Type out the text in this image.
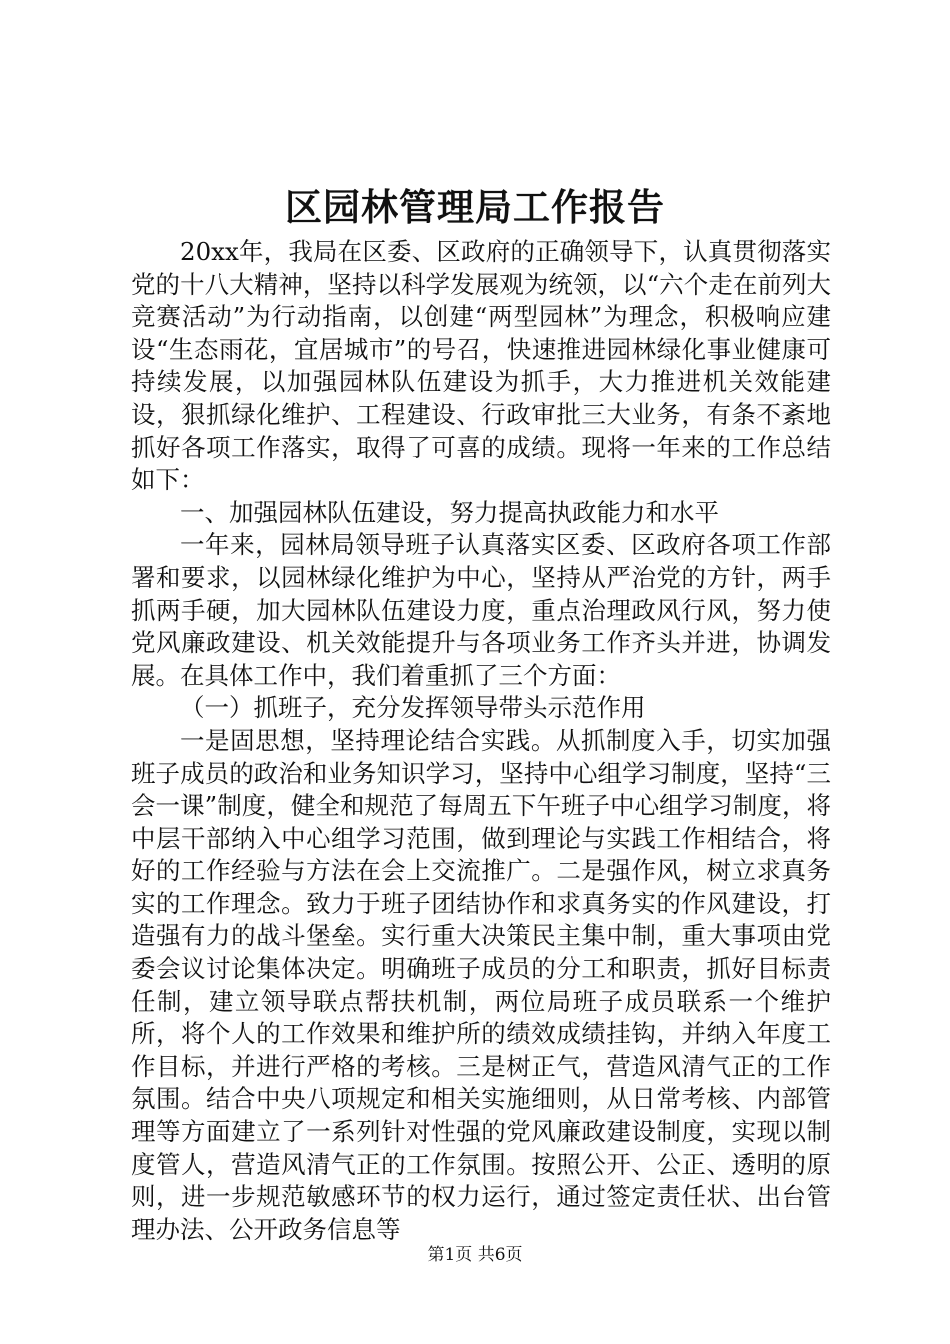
区园林管理局工作报告

20xx年，我局在区委、区政府的正确领导下，认真贯彻落实党的十八大精神，坚持以科学发展观为统领，以“六个走在前列大竞赛活动”为行动指南，以创建“两型园林”为理念，积极响应建设“生态雨花，宜居城市”的号召，快速推进园林绿化事业健康可持续发展，以加强园林队伍建设为抓手，大力推进机关效能建设，狠抓绿化维护、工程建设、行政审批三大业务，有条不紊地抓好各项工作落实，取得了可喜的成绩。现将一年来的工作总结如下：

一、加强园林队伍建设，努力提高执政能力和水平

一年来，园林局领导班子认真落实区委、区政府各项工作部署和要求，以园林绿化维护为中心，坚持从严治党的方针，两手抓两手硬，加大园林队伍建设力度，重点治理政风行风，努力使党风廉政建设、机关效能提升与各项业务工作齐头并进，协调发展。在具体工作中，我们着重抓了三个方面：

（一）抓班子，充分发挥领导带头示范作用

一是固思想，坚持理论结合实践。从抓制度入手，切实加强班子成员的政治和业务知识学习，坚持中心组学习制度，坚持“三会一课”制度，健全和规范了每周五下午班子中心组学习制度，将中层干部纳入中心组学习范围，做到理论与实践工作相结合，将好的工作经验与方法在会上交流推广。二是强作风，树立求真务实的工作理念。致力于班子团结协作和求真务实的作风建设，打造强有力的战斗堡垒。实行重大决策民主集中制，重大事项由党委会议讨论集体决定。明确班子成员的分工和职责，抓好目标责任制，建立领导联点帮扶机制，两位局班子成员联系一个维护所，将个人的工作效果和维护所的绩效成绩挂钩，并纳入年度工作目标，并进行严格的考核。三是树正气，营造风清气正的工作氛围。结合中央八项规定和相关实施细则，从日常考核、内部管理等方面建立了一系列针对性强的党风廉政建设制度，实现以制度管人，营造风清气正的工作氛围。按照公开、公正、透明的原则，进一步规范敏感环节的权力运行，通过签定责任状、出台管理办法、公开政务信息等

第1页 共6页
